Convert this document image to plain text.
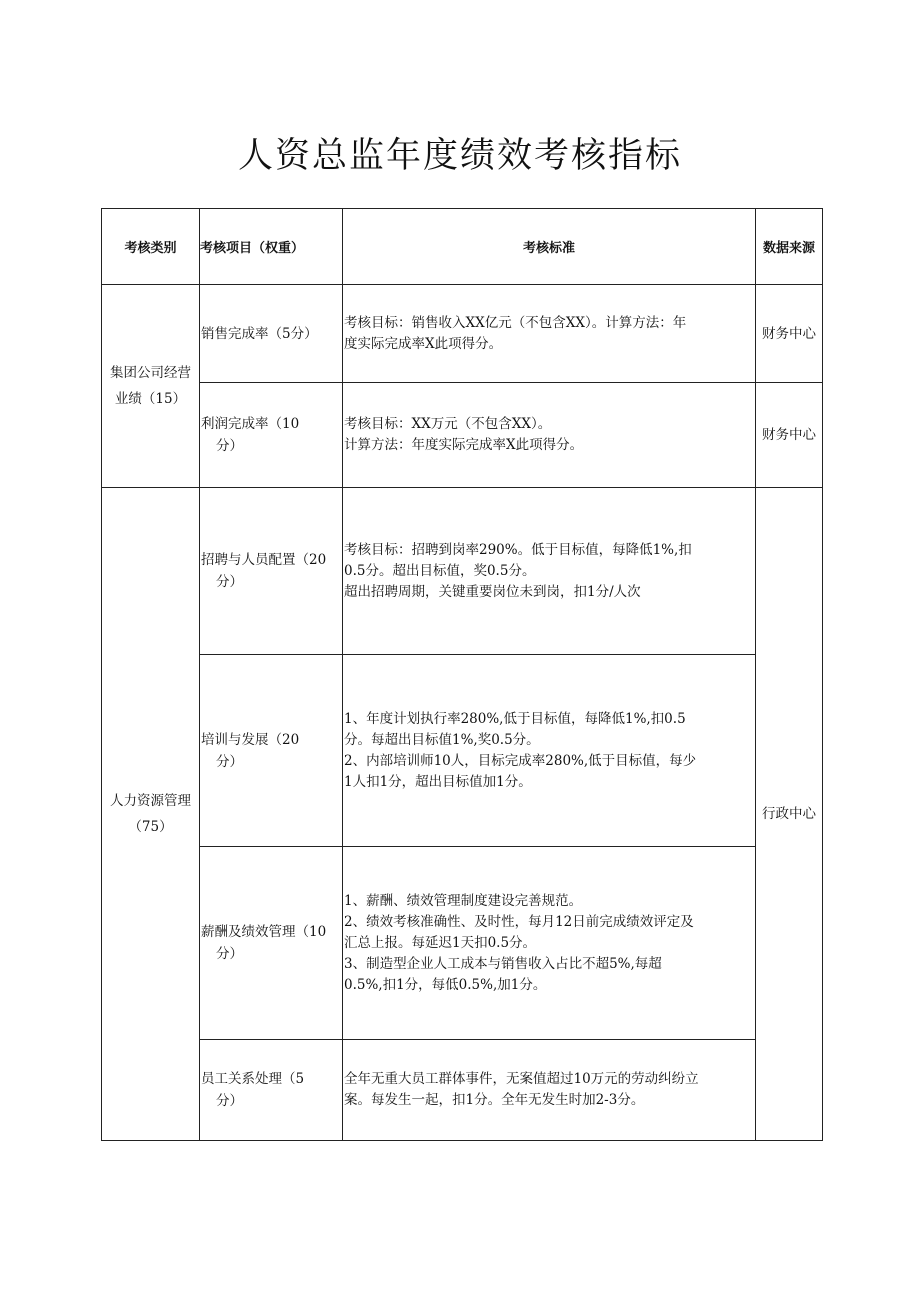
人资总监年度绩效考核指标
考核类别	考核项目（权重）	考核标准	数据来源

集团公司经营
业绩（15）	销售完成率（5分）	考核目标：销售收入XX亿元（不包含XX）。计算方法：年
度实际完成率X此项得分。	财务中心

	利润完成率（10
分）	考核目标：XX万元（不包含XX）。
计算方法：年度实际完成率X此项得分。	财务中心

人力资源管理
（75）	招聘与人员配置（20
分）	考核目标：招聘到岗率290%。低于目标值，每降低1%,扣
0.5分。超出目标值，奖0.5分。
超出招聘周期，关键重要岗位未到岗，扣1分/人次	行政中心

	培训与发展（20
分）	1、年度计划执行率280%,低于目标值，每降低1%,扣0.5
分。每超出目标值1%,奖0.5分。
2、内部培训师10人，目标完成率280%,低于目标值，每少
1人扣1分，超出目标值加1分。	

	薪酬及绩效管理（10
分）	1、薪酬、绩效管理制度建设完善规范。
2、绩效考核准确性、及时性，每月12日前完成绩效评定及
汇总上报。每延迟1天扣0.5分。
3、制造型企业人工成本与销售收入占比不超5%,每超
0.5%,扣1分，每低0.5%,加1分。	

	员工关系处理（5
分）	全年无重大员工群体事件，无案值超过10万元的劳动纠纷立
案。每发生一起，扣1分。全年无发生时加2-3分。	
